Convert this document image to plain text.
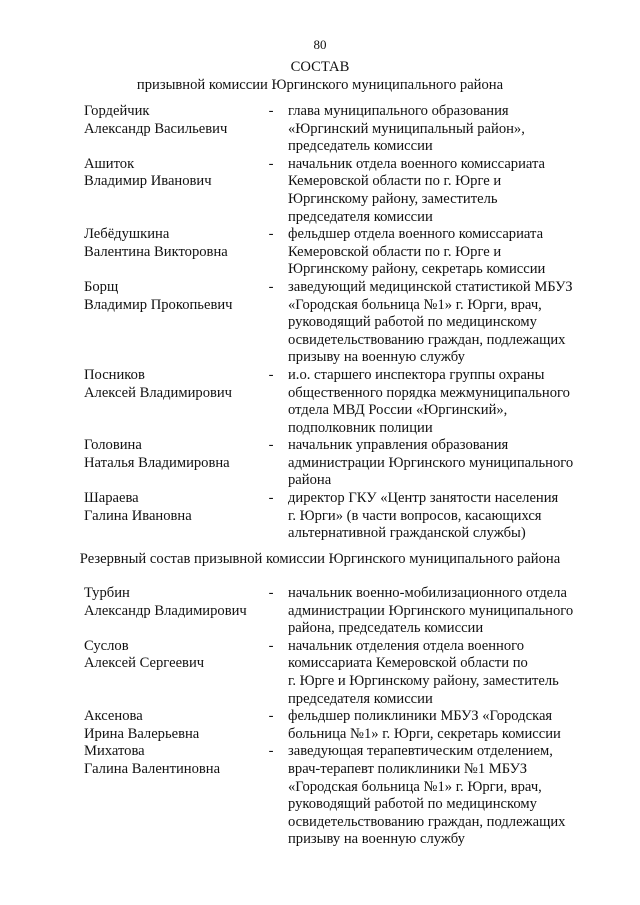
80
СОСТАВ
призывной комиссии Юргинского муниципального района
Гордейчик
Александр Васильевич
- глава муниципального образования
«Юргинский муниципальный район»,
председатель комиссии
Ашиток
Владимир Иванович
- начальник отдела военного комиссариата
Кемеровской области по г. Юрге и
Юргинскому району, заместитель
председателя комиссии
Лебёдушкина
Валентина Викторовна
- фельдшер отдела военного комиссариата
Кемеровской области по г. Юрге и
Юргинскому району, секретарь комиссии
Борщ
Владимир Прокопьевич
- заведующий медицинской статистикой МБУЗ
«Городская больница №1» г. Юрги, врач,
руководящий работой по медицинскому
освидетельствованию граждан, подлежащих
призыву на военную службу
Посников
Алексей Владимирович
- и.о. старшего инспектора группы охраны
общественного порядка межмуниципального
отдела МВД России «Юргинский»,
подполковник полиции
Головина
Наталья Владимировна
- начальник управления образования
администрации Юргинского муниципального
района
Шараева
Галина Ивановна
- директор ГКУ «Центр занятости населения
г. Юрги» (в части вопросов, касающихся
альтернативной гражданской службы)
Резервный состав призывной комиссии Юргинского муниципального района
Турбин
Александр Владимирович
- начальник военно-мобилизационного отдела
администрации Юргинского муниципального
района, председатель комиссии
Суслов
Алексей Сергеевич
- начальник отделения отдела военного
комиссариата Кемеровской области по
г. Юрге и Юргинскому району, заместитель
председателя комиссии
Аксенова
Ирина Валерьевна
- фельдшер поликлиники МБУЗ «Городская
больница №1» г. Юрги, секретарь комиссии
Михатова
Галина Валентиновна
- заведующая терапевтическим отделением,
врач-терапевт поликлиники №1 МБУЗ
«Городская больница №1» г. Юрги, врач,
руководящий работой по медицинскому
освидетельствованию граждан, подлежащих
призыву на военную службу
